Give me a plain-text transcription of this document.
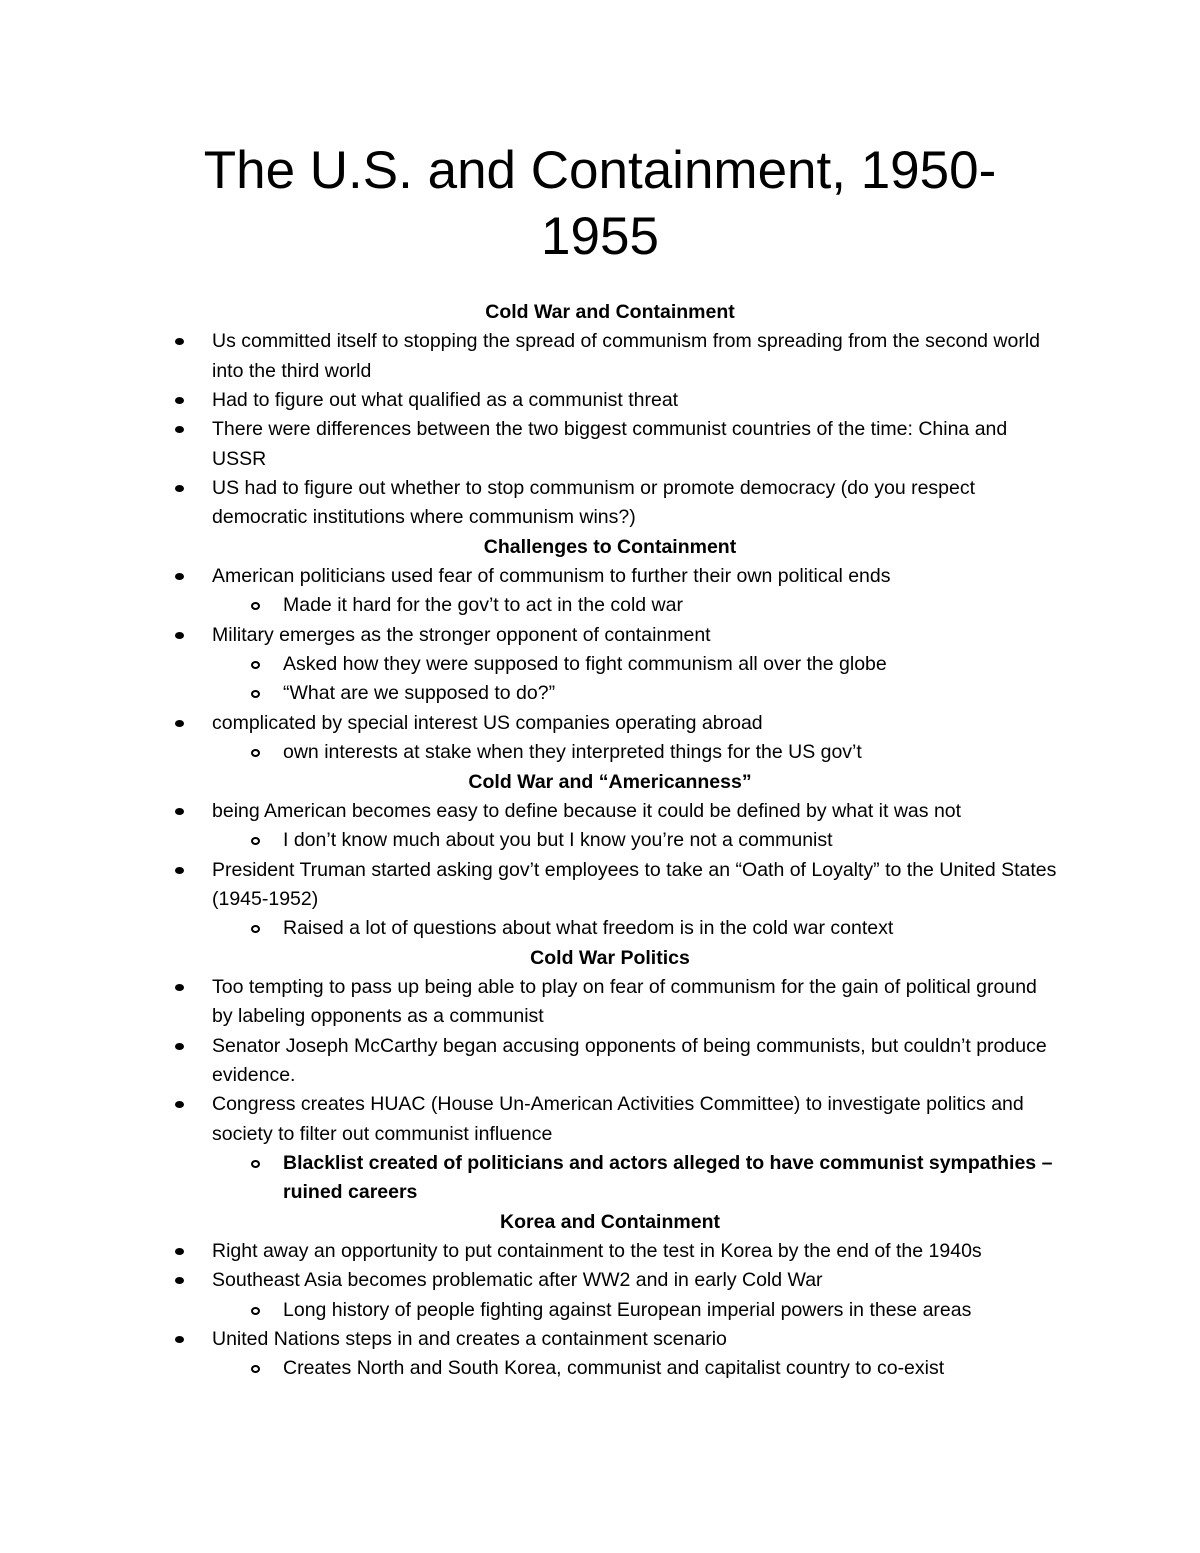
The U.S. and Containment, 1950-
1955
Cold War and Containment
Us committed itself to stopping the spread of communism from spreading from the second world into the third world
Had to figure out what qualified as a communist threat
There were differences between the two biggest communist countries of the time: China and USSR
US had to figure out whether to stop communism or promote democracy (do you respect democratic institutions where communism wins?)
Challenges to Containment
American politicians used fear of communism to further their own political ends
Made it hard for the gov’t to act in the cold war
Military emerges as the stronger opponent of containment
Asked how they were supposed to fight communism all over the globe
“What are we supposed to do?”
complicated by special interest US companies operating abroad
own interests at stake when they interpreted things for the US gov’t
Cold War and “Americanness”
being American becomes easy to define because it could be defined by what it was not
I don’t know much about you but I know you’re not a communist
President Truman started asking gov’t employees to take an “Oath of Loyalty” to the United States (1945-1952)
Raised a lot of questions about what freedom is in the cold war context
Cold War Politics
Too tempting to pass up being able to play on fear of communism for the gain of political ground by labeling opponents as a communist
Senator Joseph McCarthy began accusing opponents of being communists, but couldn’t produce evidence.
Congress creates HUAC (House Un-American Activities Committee) to investigate politics and society to filter out communist influence
Blacklist created of politicians and actors alleged to have communist sympathies – ruined careers
Korea and Containment
Right away an opportunity to put containment to the test in Korea by the end of the 1940s
Southeast Asia becomes problematic after WW2 and in early Cold War
Long history of people fighting against European imperial powers in these areas
United Nations steps in and creates a containment scenario
Creates North and South Korea, communist and capitalist country to co-exist
